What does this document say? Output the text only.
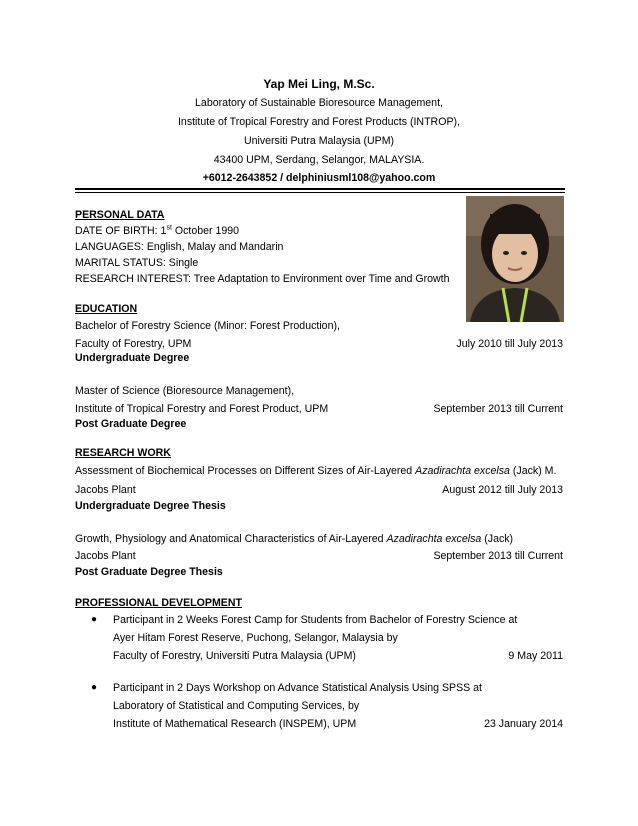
Yap Mei Ling, M.Sc.
Laboratory of Sustainable Bioresource Management,
Institute of Tropical Forestry and Forest Products (INTROP),
Universiti Putra Malaysia (UPM)
43400 UPM, Serdang, Selangor, MALAYSIA.
+6012-2643852 / delphiniusml108@yahoo.com
PERSONAL DATA
DATE OF BIRTH: 1st October 1990
LANGUAGES: English, Malay and Mandarin
MARITAL STATUS: Single
RESEARCH INTEREST: Tree Adaptation to Environment over Time and Growth
EDUCATION
Bachelor of Forestry Science (Minor: Forest Production),
Faculty of Forestry, UPM	July 2010 till July 2013
Undergraduate Degree
Master of Science (Bioresource Management),
Institute of Tropical Forestry and Forest Product, UPM	September 2013 till Current
Post Graduate Degree
RESEARCH WORK
Assessment of Biochemical Processes on Different Sizes of Air-Layered Azadirachta excelsa (Jack) M.
Jacobs Plant	August 2012 till July 2013
Undergraduate Degree Thesis
Growth, Physiology and Anatomical Characteristics of Air-Layered Azadirachta excelsa (Jack)
Jacobs Plant	September 2013 till Current
Post Graduate Degree Thesis
PROFESSIONAL DEVELOPMENT
● Participant in 2 Weeks Forest Camp for Students from Bachelor of Forestry Science at
Ayer Hitam Forest Reserve, Puchong, Selangor, Malaysia by
Faculty of Forestry, Universiti Putra Malaysia (UPM)	9 May 2011
● Participant in 2 Days Workshop on Advance Statistical Analysis Using SPSS at
Laboratory of Statistical and Computing Services, by
Institute of Mathematical Research (INSPEM), UPM	23 January 2014
